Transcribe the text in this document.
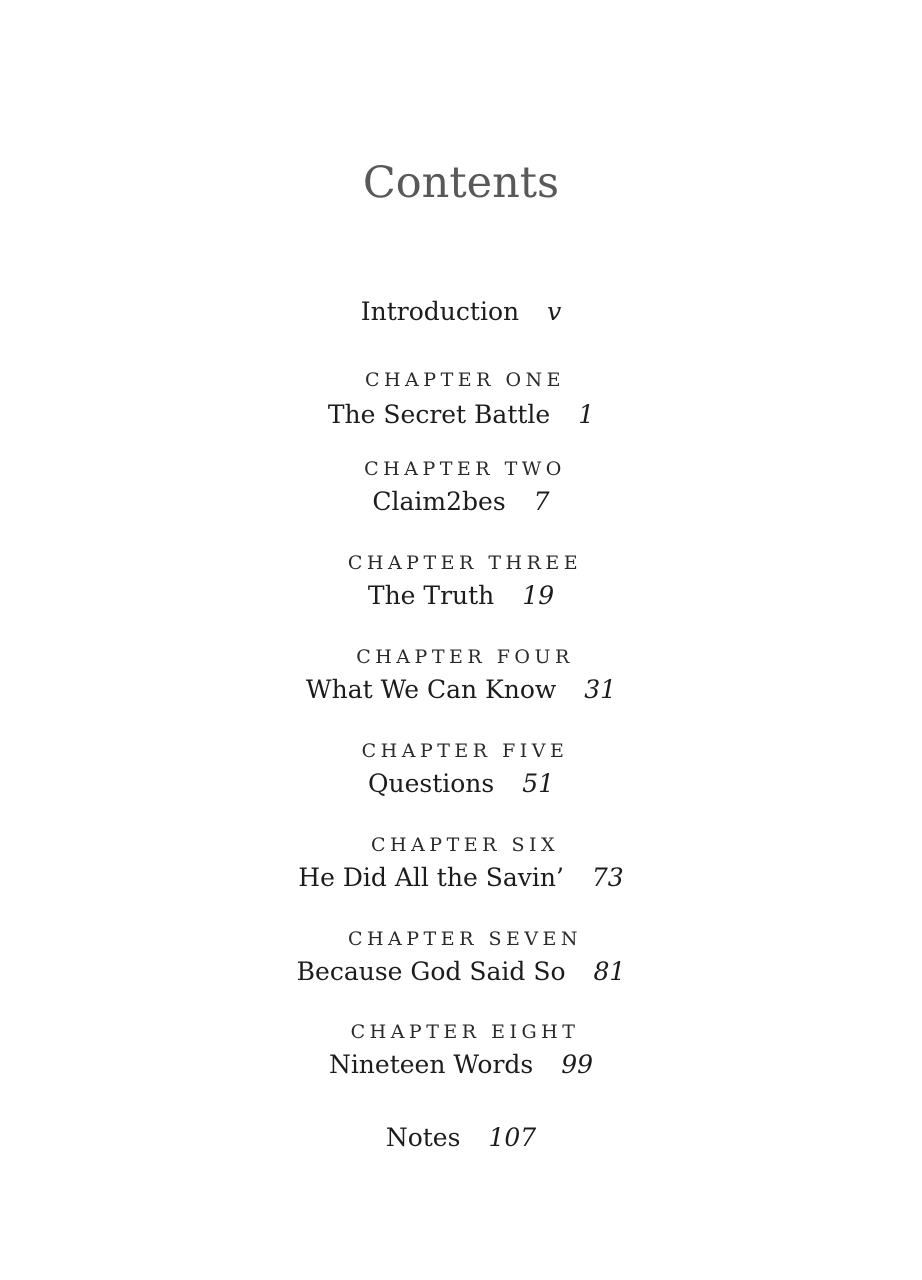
Contents
Introduction v
CHAPTER ONE
The Secret Battle 1
CHAPTER TWO
Claim2bes 7
CHAPTER THREE
The Truth 19
CHAPTER FOUR
What We Can Know 31
CHAPTER FIVE
Questions 51
CHAPTER SIX
He Did All the Savin’ 73
CHAPTER SEVEN
Because God Said So 81
CHAPTER EIGHT
Nineteen Words 99
Notes 107
